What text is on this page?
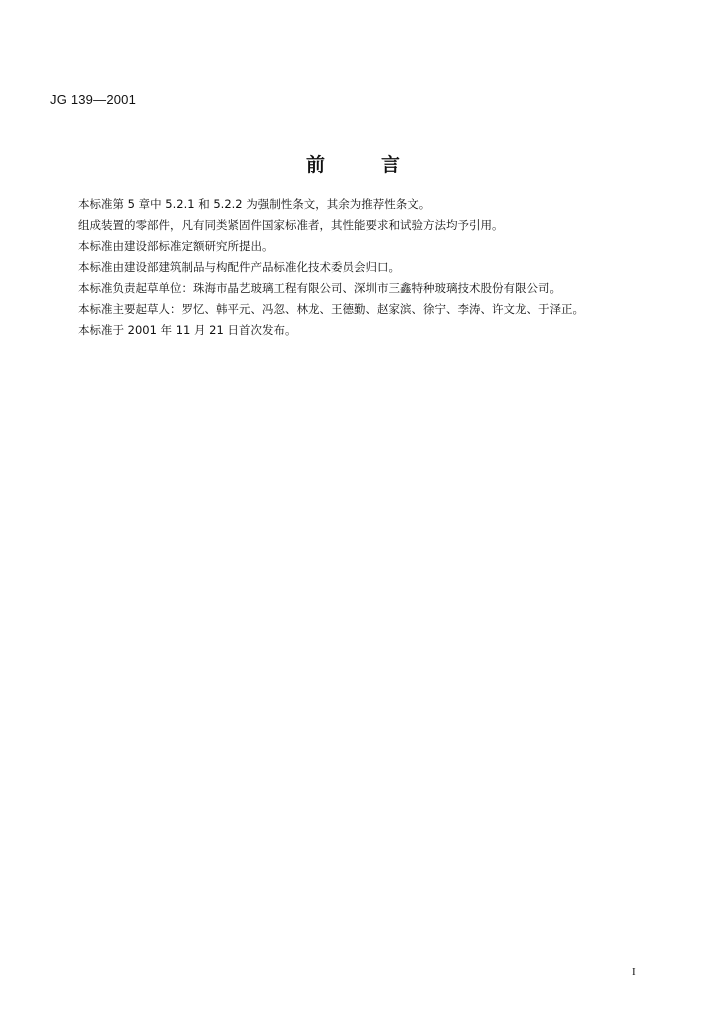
JG 139—2001
前	言

本标准第 5 章中 5.2.1 和 5.2.2 为强制性条文，其余为推荐性条文。

组成装置的零部件，凡有同类紧固件国家标准者，其性能要求和试验方法均予引用。

本标准由建设部标准定额研究所提出。

本标准由建设部建筑制品与构配件产品标准化技术委员会归口。

本标准负责起草单位：珠海市晶艺玻璃工程有限公司、深圳市三鑫特种玻璃技术股份有限公司。

本标准主要起草人：罗忆、韩平元、冯忽、林龙、王德勤、赵家滨、徐宁、李涛、许文龙、于泽正。

本标准于 2001 年 11 月 21 日首次发布。

I
